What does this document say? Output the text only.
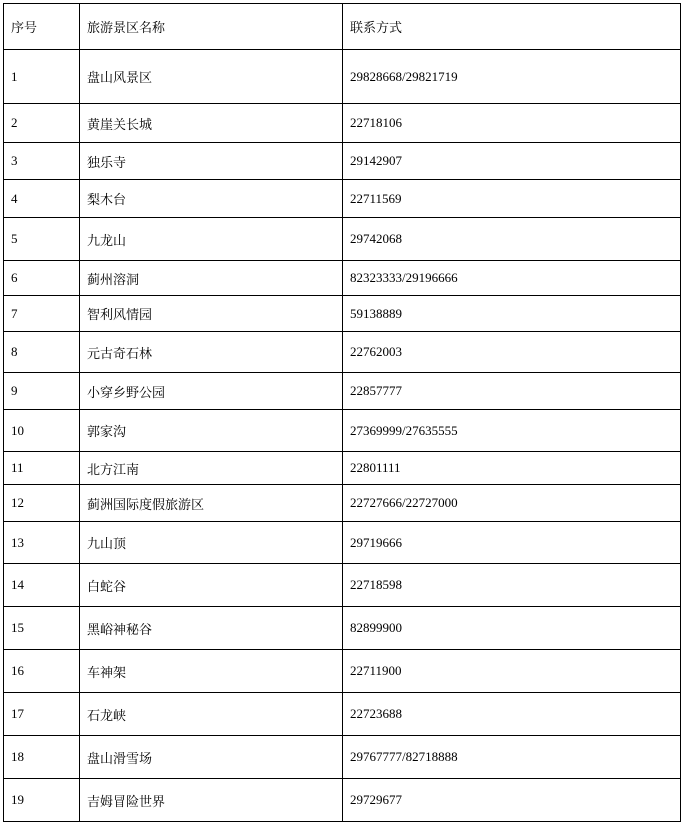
序号	旅游景区名称	联系方式
1	盘山风景区	29828668/29821719
2	黄崖关长城	22718106
3	独乐寺	29142907
4	梨木台	22711569
5	九龙山	29742068
6	蓟州溶洞	82323333/29196666
7	智利风情园	59138889
8	元古奇石林	22762003
9	小穿乡野公园	22857777
10	郭家沟	27369999/27635555
11	北方江南	22801111
12	蓟洲国际度假旅游区	22727666/22727000
13	九山顶	29719666
14	白蛇谷	22718598
15	黑峪神秘谷	82899900
16	车神架	22711900
17	石龙峡	22723688
18	盘山滑雪场	29767777/82718888
19	吉姆冒险世界	29729677
